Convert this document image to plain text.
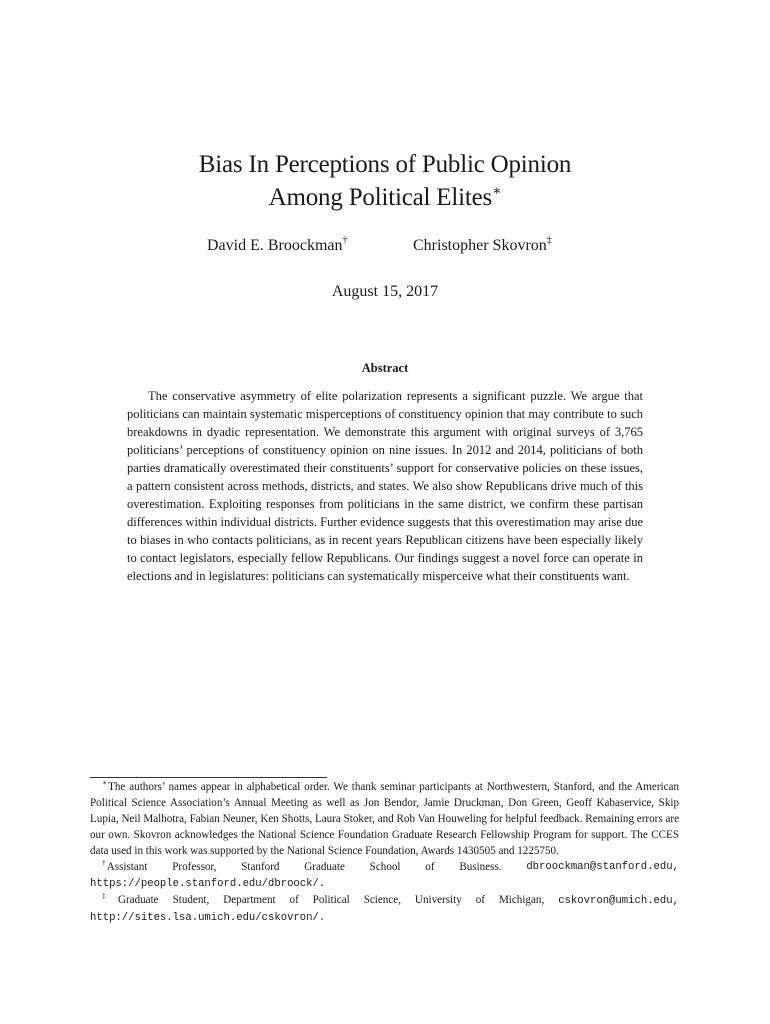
Bias In Perceptions of Public Opinion
Among Political Elites∗
David E. Broockman†	Christopher Skovron‡
August 15, 2017
Abstract
The conservative asymmetry of elite polarization represents a significant puzzle. We argue that politicians can maintain systematic misperceptions of constituency opinion that may contribute to such breakdowns in dyadic representation. We demonstrate this argument with original surveys of 3,765 politicians’ perceptions of constituency opinion on nine issues. In 2012 and 2014, politicians of both parties dramatically overestimated their constituents’ support for conservative policies on these issues, a pattern consistent across methods, districts, and states. We also show Republicans drive much of this overestimation. Exploiting responses from politicians in the same district, we confirm these partisan differences within individual districts. Further evidence suggests that this overestimation may arise due to biases in who contacts politicians, as in recent years Republican citizens have been especially likely to contact legislators, especially fellow Republicans. Our findings suggest a novel force can operate in elections and in legislatures: politicians can systematically misperceive what their constituents want.

∗The authors’ names appear in alphabetical order. We thank seminar participants at Northwestern, Stanford, and the American Political Science Association’s Annual Meeting as well as Jon Bendor, Jamie Druckman, Don Green, Geoff Kabaservice, Skip Lupia, Neil Malhotra, Fabian Neuner, Ken Shotts, Laura Stoker, and Rob Van Houweling for helpful feedback. Remaining errors are our own. Skovron acknowledges the National Science Foundation Graduate Research Fellowship Program for support. The CCES data used in this work was supported by the National Science Foundation, Awards 1430505 and 1225750.

†Assistant Professor, Stanford Graduate School of Business. dbroockman@stanford.edu,
https://people.stanford.edu/dbroock/.

‡Graduate Student, Department of Political Science, University of Michigan, cskovron@umich.edu, http://sites.lsa.umich.edu/cskovron/.
